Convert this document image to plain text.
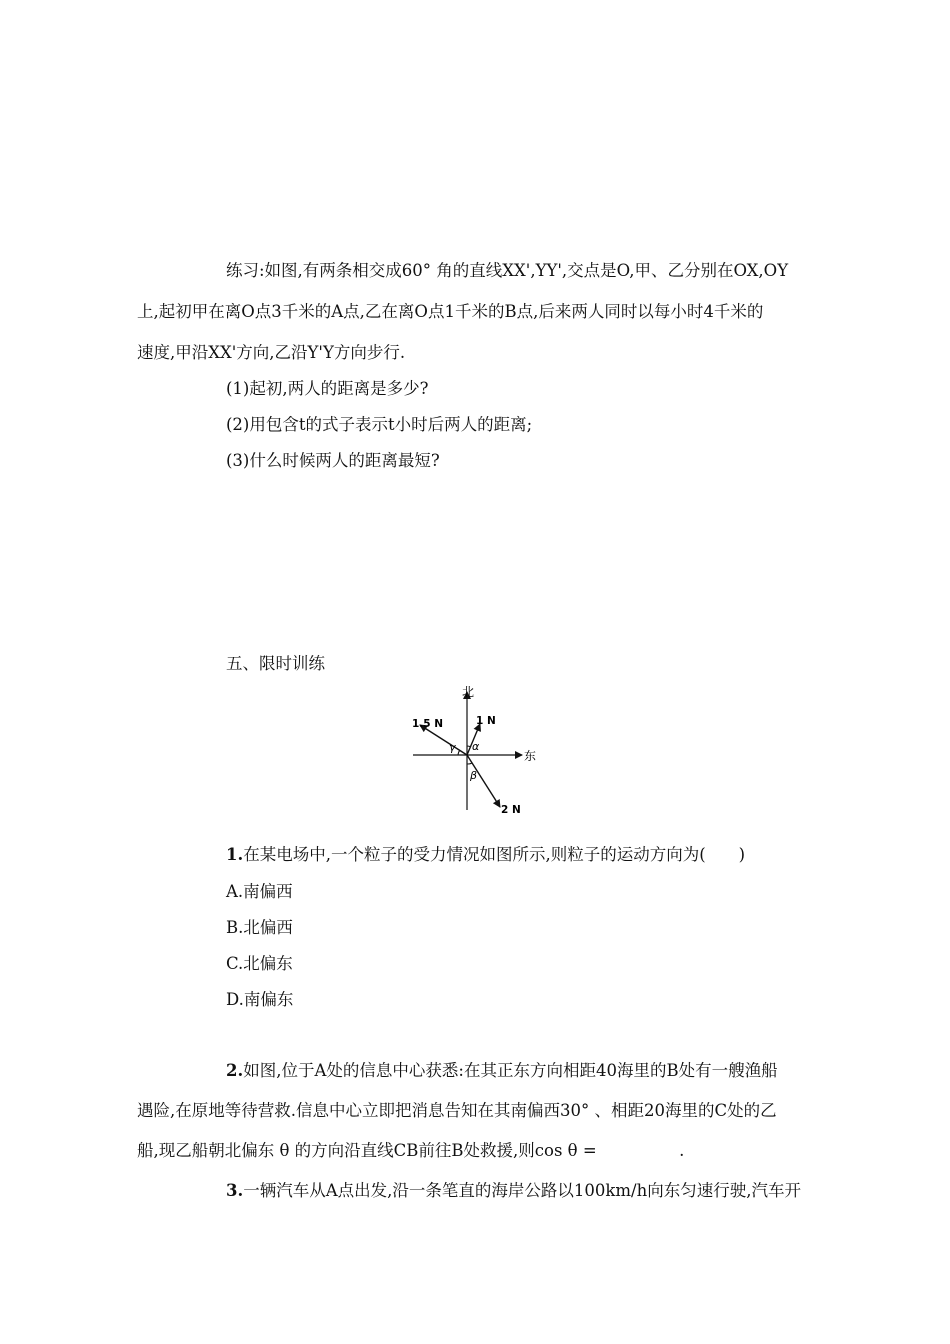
练习:如图,有两条相交成60° 角的直线XX',YY',交点是O,甲、乙分别在OX,OY
上,起初甲在离O点3千米的A点,乙在离O点1千米的B点,后来两人同时以每小时4千米的
速度,甲沿XX'方向,乙沿Y'Y方向步行.
(1)起初,两人的距离是多少?
(2)用包含t的式子表示t小时后两人的距离;
(3)什么时候两人的距离最短?
五、限时训练
北
东
1.5 N	1 N
2 N
α
β
γ
1.在某电场中,一个粒子的受力情况如图所示,则粒子的运动方向为(　　)
A.南偏西
B.北偏西
C.北偏东
D.南偏东
2.如图,位于A处的信息中心获悉:在其正东方向相距40海里的B处有一艘渔船
遇险,在原地等待营救.信息中心立即把消息告知在其南偏西30° 、相距20海里的C处的乙
船,现乙船朝北偏东 θ 的方向沿直线CB前往B处救援,则cos θ =　　　　　.
3.一辆汽车从A点出发,沿一条笔直的海岸公路以100km/h向东匀速行驶,汽车开
